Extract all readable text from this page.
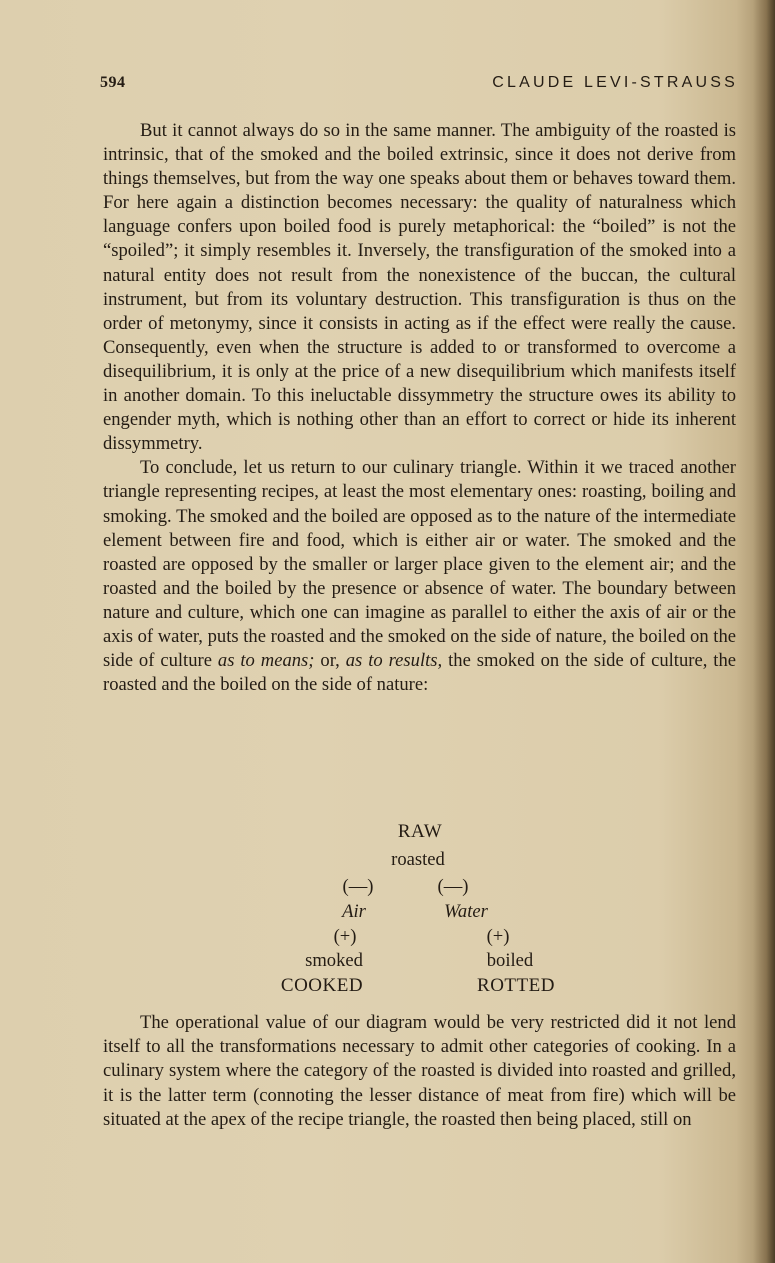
594	CLAUDE LEVI-STRAUSS

But it cannot always do so in the same manner. The ambiguity of the roasted is intrinsic, that of the smoked and the boiled extrinsic, since it does not derive from things themselves, but from the way one speaks about them or behaves toward them. For here again a distinction becomes necessary: the quality of naturalness which language confers upon boiled food is purely metaphorical: the “boiled” is not the “spoiled”; it simply resembles it. Inversely, the transfiguration of the smoked into a natural entity does not result from the nonexistence of the buccan, the cultural instrument, but from its voluntary destruction. This transfiguration is thus on the order of metonymy, since it consists in acting as if the effect were really the cause. Consequently, even when the structure is added to or transformed to overcome a disequilibrium, it is only at the price of a new disequilibrium which manifests itself in another domain. To this ineluctable dissymmetry the structure owes its ability to engender myth, which is nothing other than an effort to correct or hide its inherent dissymmetry.

To conclude, let us return to our culinary triangle. Within it we traced another triangle representing recipes, at least the most elementary ones: roasting, boiling and smoking. The smoked and the boiled are opposed as to the nature of the intermediate element between fire and food, which is either air or water. The smoked and the roasted are opposed by the smaller or larger place given to the element air; and the roasted and the boiled by the presence or absence of water. The boundary between nature and culture, which one can imagine as parallel to either the axis of air or the axis of water, puts the roasted and the smoked on the side of nature, the boiled on the side of culture as to means; or, as to results, the smoked on the side of culture, the roasted and the boiled on the side of nature:

RAW
roasted
(—)	(—)
Air	Water
(+)	(+)
smoked	boiled
COOKED	ROTTED

The operational value of our diagram would be very restricted did it not lend itself to all the transformations necessary to admit other categories of cooking. In a culinary system where the category of the roasted is divided into roasted and grilled, it is the latter term (connoting the lesser distance of meat from fire) which will be situated at the apex of the recipe triangle, the roasted then being placed, still on
